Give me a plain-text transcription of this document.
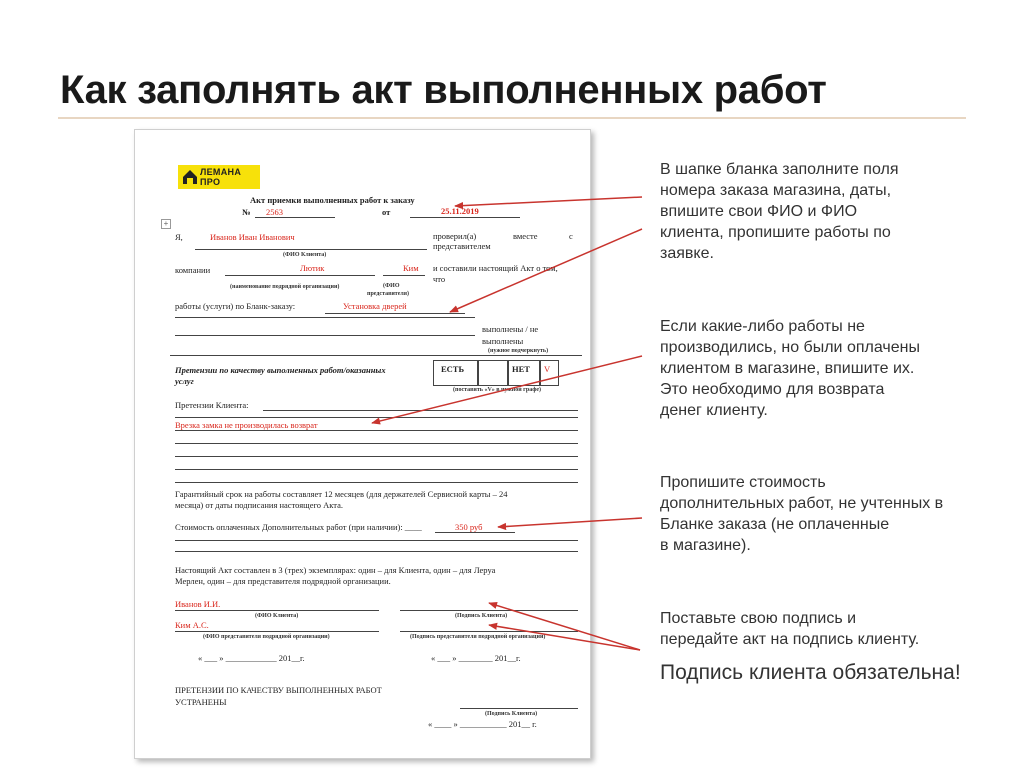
Как заполнять акт выполненных работ
ЛЕМАНА
ПРО
+
Акт приемки выполненных работ к заказу
№ 2563	от	25.11.2019
Я,	Иванов Иван Иванович	проверил(а)	вместе	с
представителем
(ФИО Клиента)
компании	Лютик	Ким и составили настоящий Акт о том,
что
(наименование подрядной организации)	(ФИО
представителя)
работы (услуги) по Бланк-заказу:	Установка дверей
выполнены / не
выполнены
(нужное подчеркнуть)
Претензии по качеству выполненных работ/оказанных
услуг
ЕСТЬ	НЕТ V
(поставить «V» в нужной графе)
Претензии Клиента:
Врезка замка не производилась возврат
Гарантийный срок на работы составляет 12 месяцев (для держателей Сервисной карты – 24
месяца) от даты подписания настоящего Акта.
Стоимость оплаченных Дополнительных работ (при наличии): ____	350 руб
Настоящий Акт составлен в 3 (трех) экземплярах: один – для Клиента, один – для Леруа
Мерлен, один – для представителя подрядной организации.
Иванов И.И.
(ФИО Клиента)	(Подпись Клиента)
Ким А.С.
(ФИО представителя подрядной организации)	(Подпись представителя подрядной организации)
« ___ » ____________ 201__г.	« ___ » ________ 201__г.
ПРЕТЕНЗИИ ПО КАЧЕСТВУ ВЫПОЛНЕННЫХ РАБОТ
УСТРАНЕНЫ
(Подпись Клиента)
« ____ » ___________ 201__ г.

В шапке бланка заполните поля
номера заказа магазина, даты,
впишите свои ФИО и ФИО
клиента, пропишите работы по
заявке.

Если какие-либо работы не
производились, но были оплачены
клиентом в магазине, впишите их.
Это необходимо для возврата
денег клиенту.

Пропишите стоимость
дополнительных работ, не учтенных в
Бланке заказа (не оплаченные
в магазине).

Поставьте свою подпись и
передайте акт на подпись клиенту.

Подпись клиента обязательна!
